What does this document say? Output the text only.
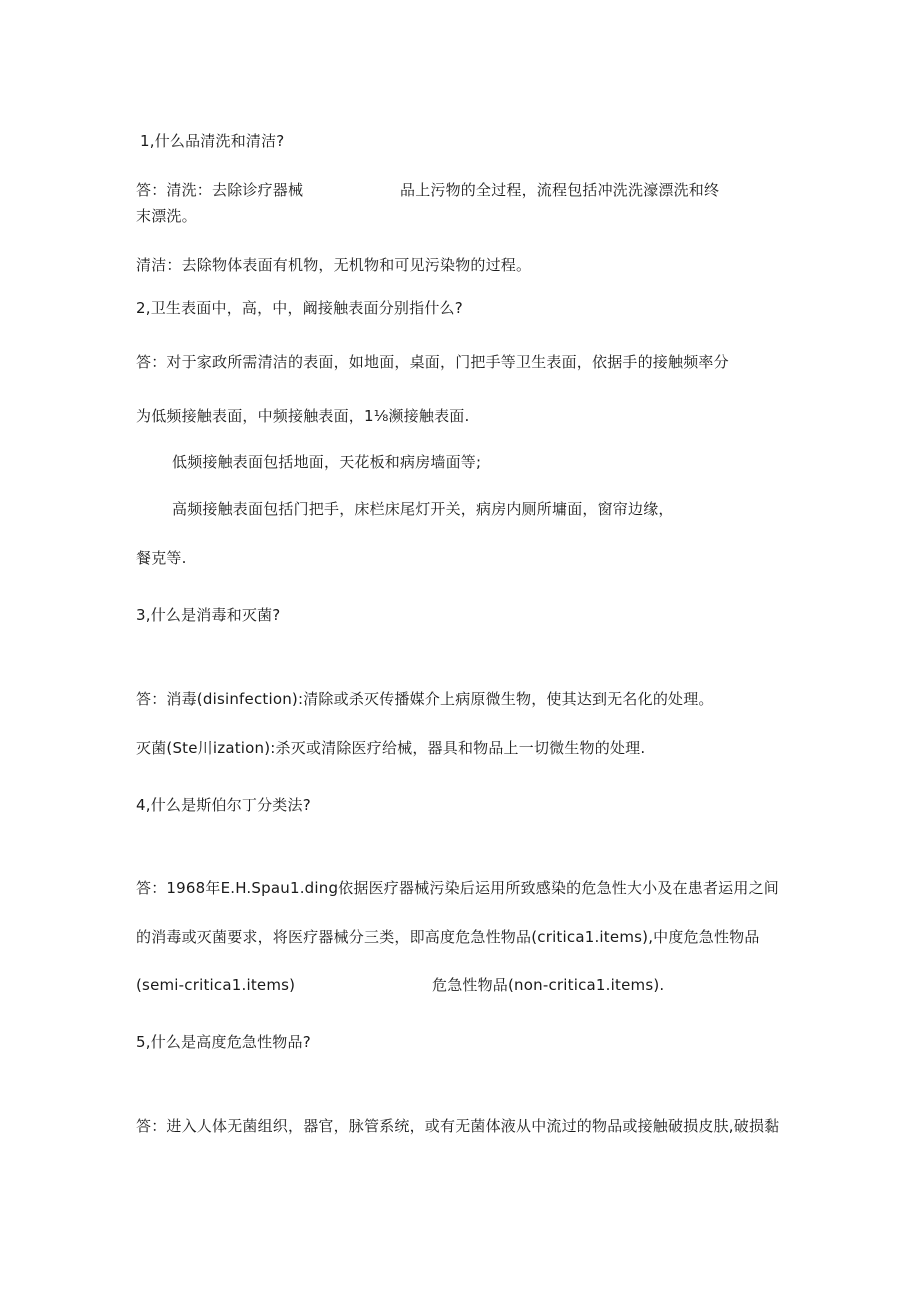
1,什么品清洗和清洁?
答：清洗：去除诊疗器械	品上污物的全过程，流程包括冲洗洗濠漂洗和终
末漂洗。
清洁：去除物体表面有机物，无机物和可见污染物的过程。
2,卫生表面中，高，中，阚接触表面分别指什么?
答：对于家政所需清洁的表面，如地面，桌面，门把手等卫生表面，依据手的接触频率分
为低频接触表面，中频接触表面，1⅛濒接触表面.
低频接触表面包括地面，天花板和病房墙面等;
高频接触表面包括门把手，床栏床尾灯开关，病房内厕所墉面，窗帘边缘，
餐克等.
3,什么是消毒和灭菌?
答：消毒(disinfection):清除或杀灭传播媒介上病原微生物，使其达到无名化的处理。
灭菌(Ste川ization):杀灭或清除医疗给械，器具和物品上一切微生物的处理.
4,什么是斯伯尔丁分类法?
答：1968年E.H.Spau1.ding依据医疗器械污染后运用所致感染的危急性大小及在患者运用之间
的消毒或灭菌要求，将医疗器械分三类，即高度危急性物品(critica1.items),中度危急性物品
(semi-critica1.items)	危急性物品(non-critica1.items).
5,什么是高度危急性物品?
答：进入人体无菌组织，器官，脉管系统，或有无菌体液从中流过的物品或接触破损皮肤,破损黏
